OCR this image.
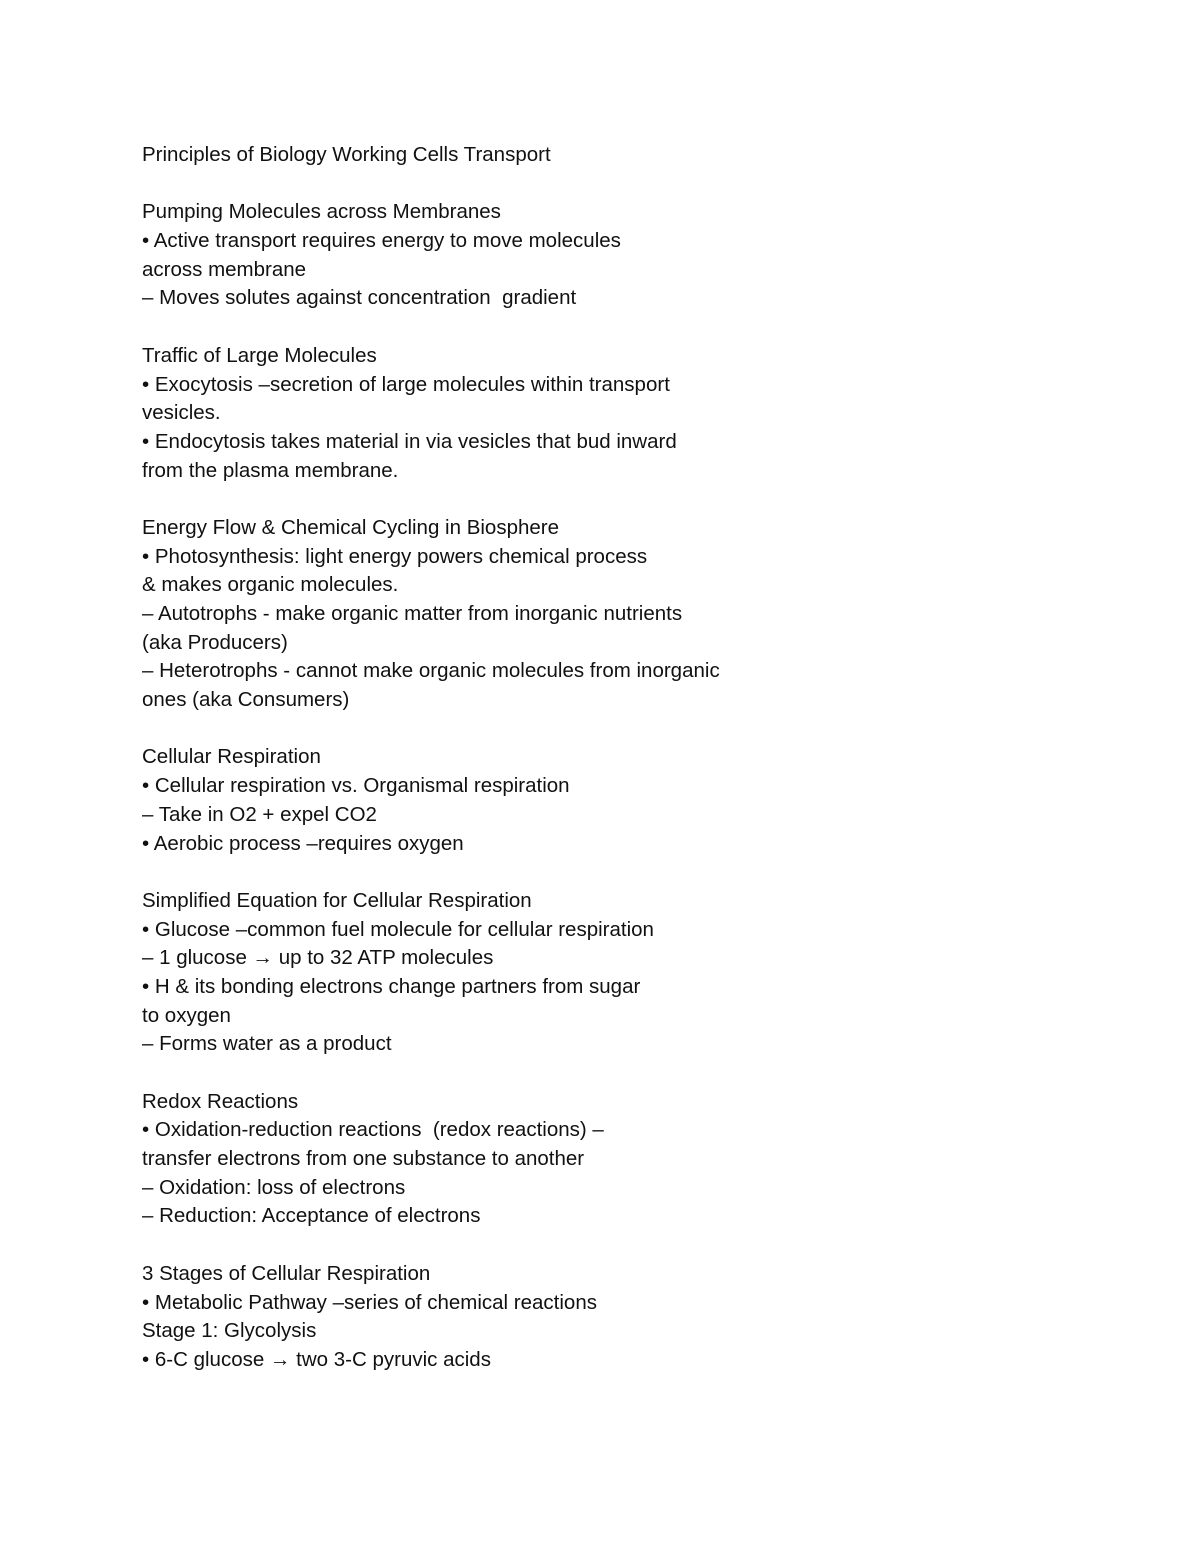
Principles of Biology Working Cells Transport
Pumping Molecules across Membranes
• Active transport requires energy to move molecules
across membrane
– Moves solutes against concentration  gradient
Traffic of Large Molecules
• Exocytosis –secretion of large molecules within transport
vesicles.
• Endocytosis takes material in via vesicles that bud inward
from the plasma membrane.
Energy Flow & Chemical Cycling in Biosphere
• Photosynthesis: light energy powers chemical process
& makes organic molecules.
– Autotrophs - make organic matter from inorganic nutrients
(aka Producers)
– Heterotrophs - cannot make organic molecules from inorganic
ones (aka Consumers)
Cellular Respiration
• Cellular respiration vs. Organismal respiration
– Take in O2 + expel CO2
• Aerobic process –requires oxygen
Simplified Equation for Cellular Respiration
• Glucose –common fuel molecule for cellular respiration
– 1 glucose → up to 32 ATP molecules
• H & its bonding electrons change partners from sugar
to oxygen
– Forms water as a product
Redox Reactions
• Oxidation-reduction reactions  (redox reactions) –
transfer electrons from one substance to another
– Oxidation: loss of electrons
– Reduction: Acceptance of electrons
3 Stages of Cellular Respiration
• Metabolic Pathway –series of chemical reactions
Stage 1: Glycolysis
• 6-C glucose → two 3-C pyruvic acids
